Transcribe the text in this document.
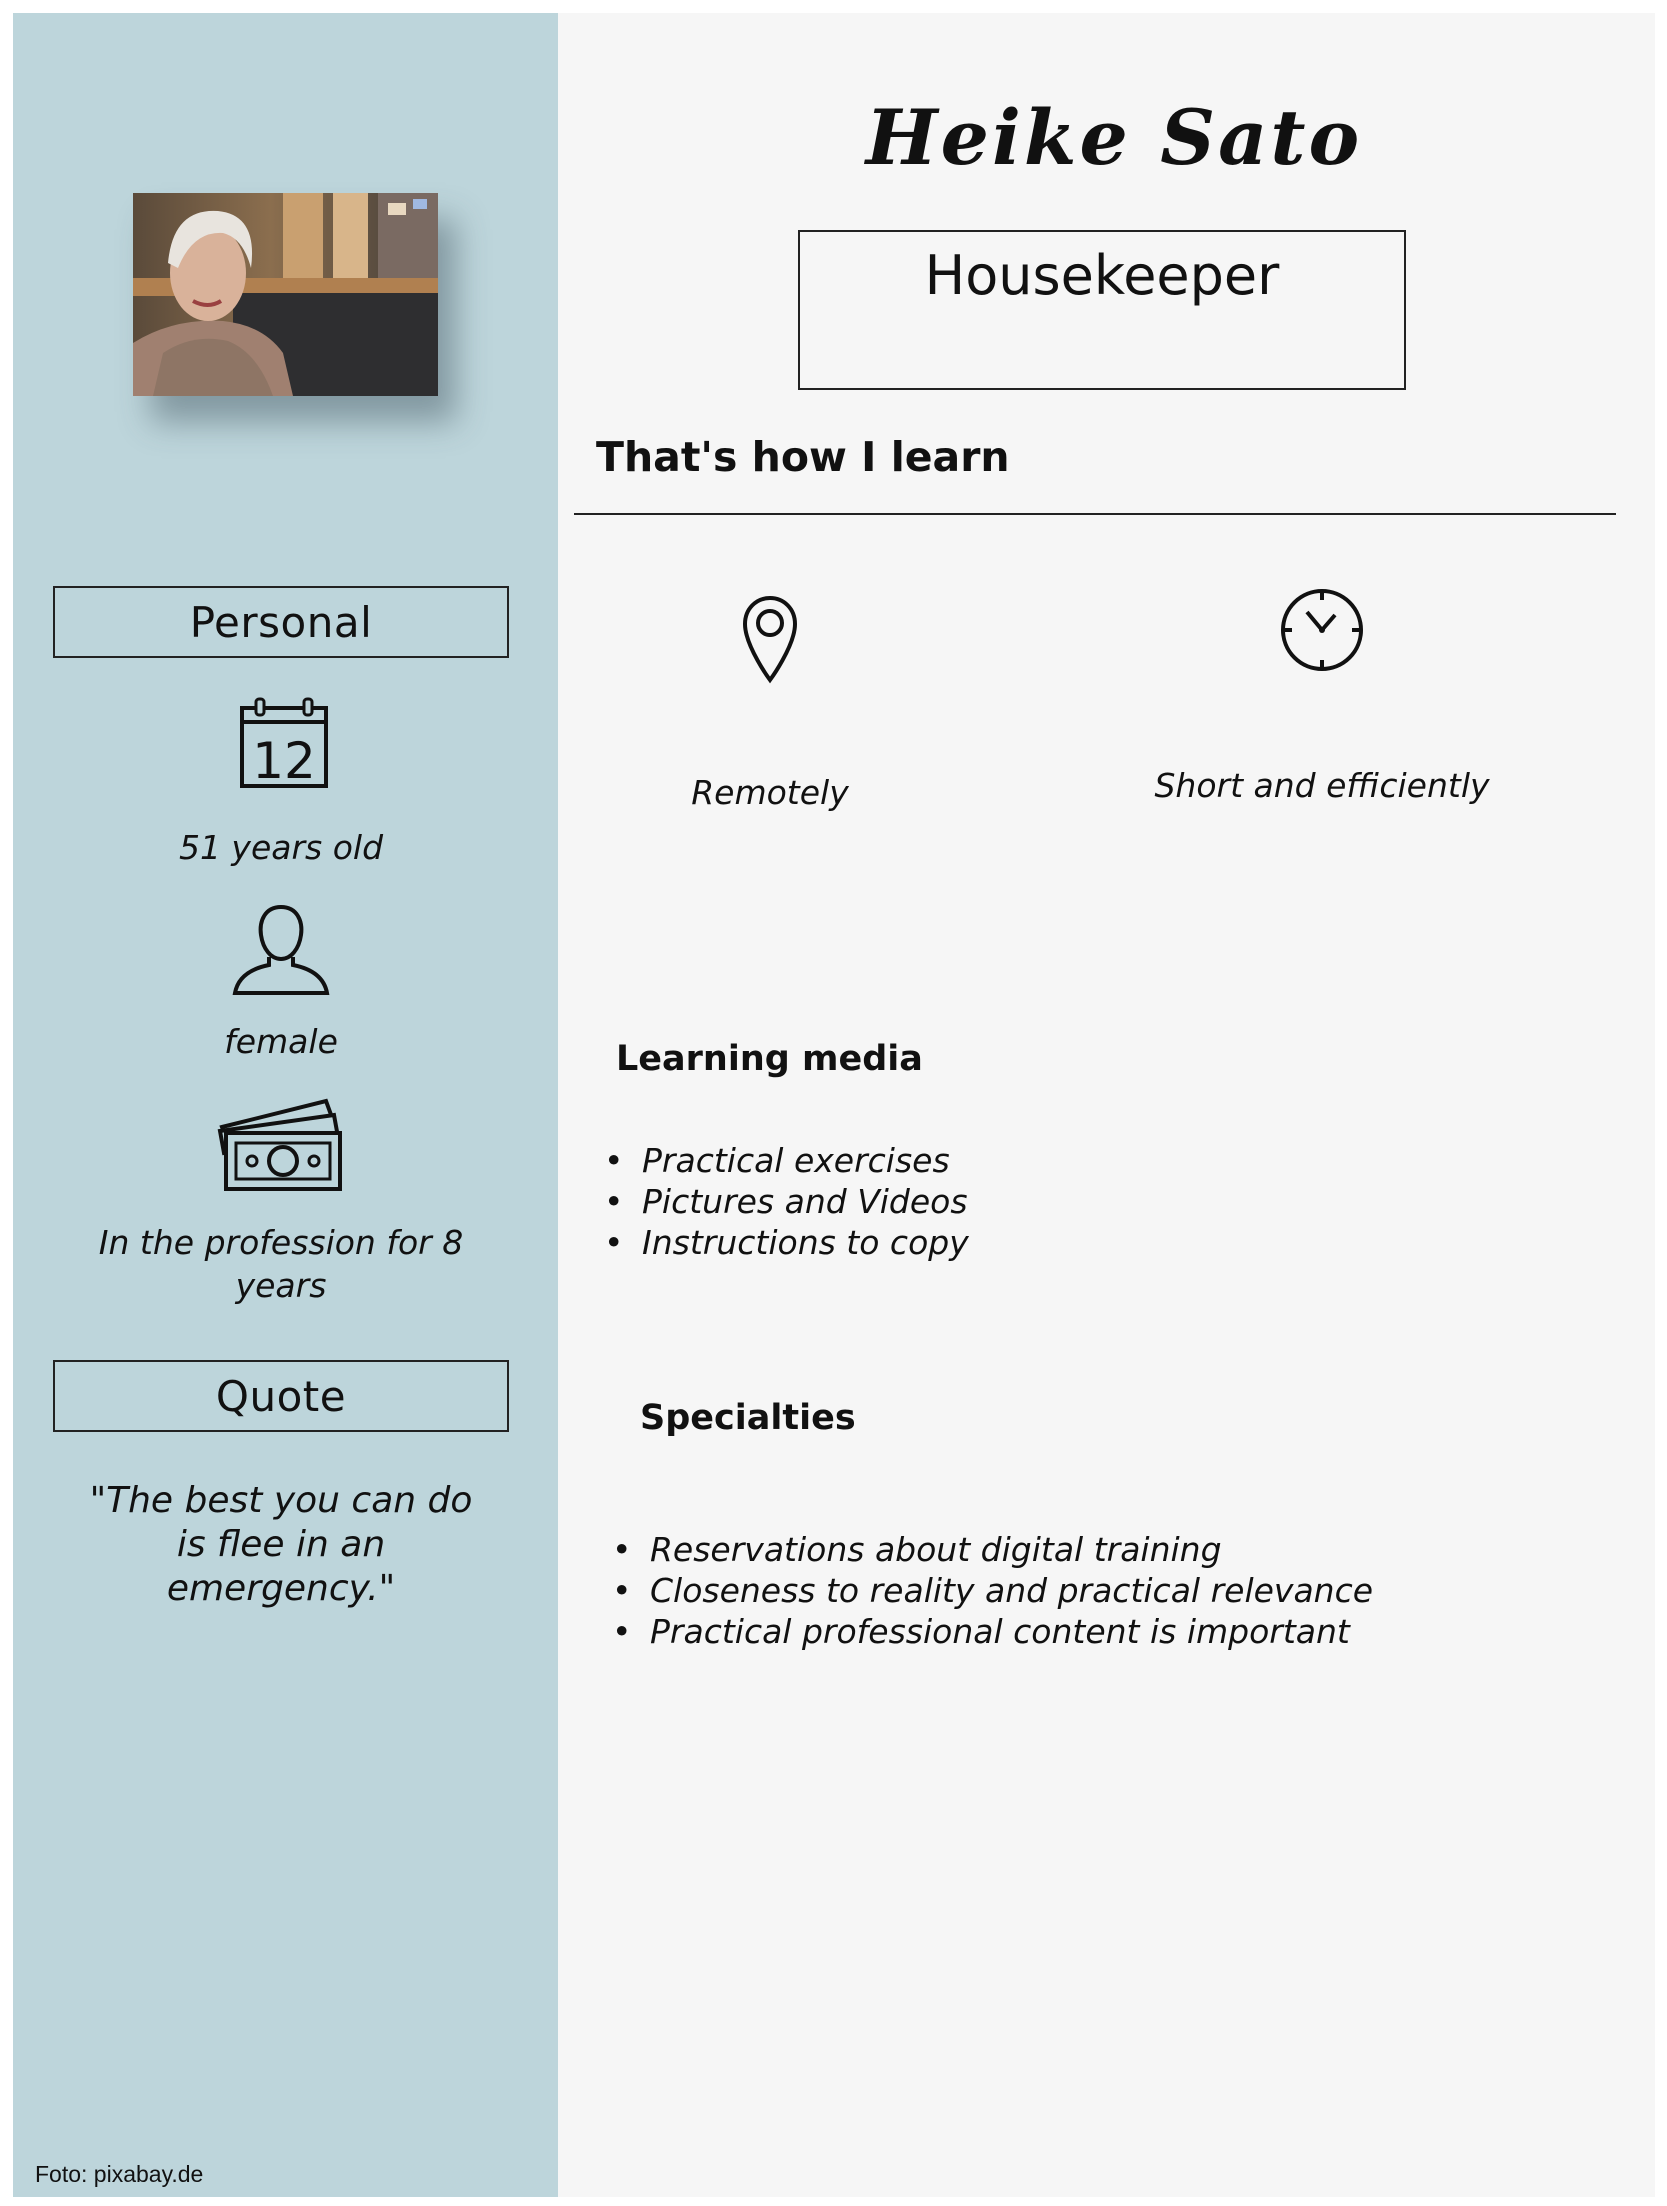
Personal
12
51 years old
female
In the profession for 8 years
Quote
"The best you can do is flee in an emergency."
Foto: pixabay.de
Heike Sato
Housekeeper
That's how I learn
Remotely	Short and efficiently
Learning media
• Practical exercises
• Pictures and Videos
• Instructions to copy
Specialties
• Reservations about digital training
• Closeness to reality and practical relevance
• Practical professional content is important
